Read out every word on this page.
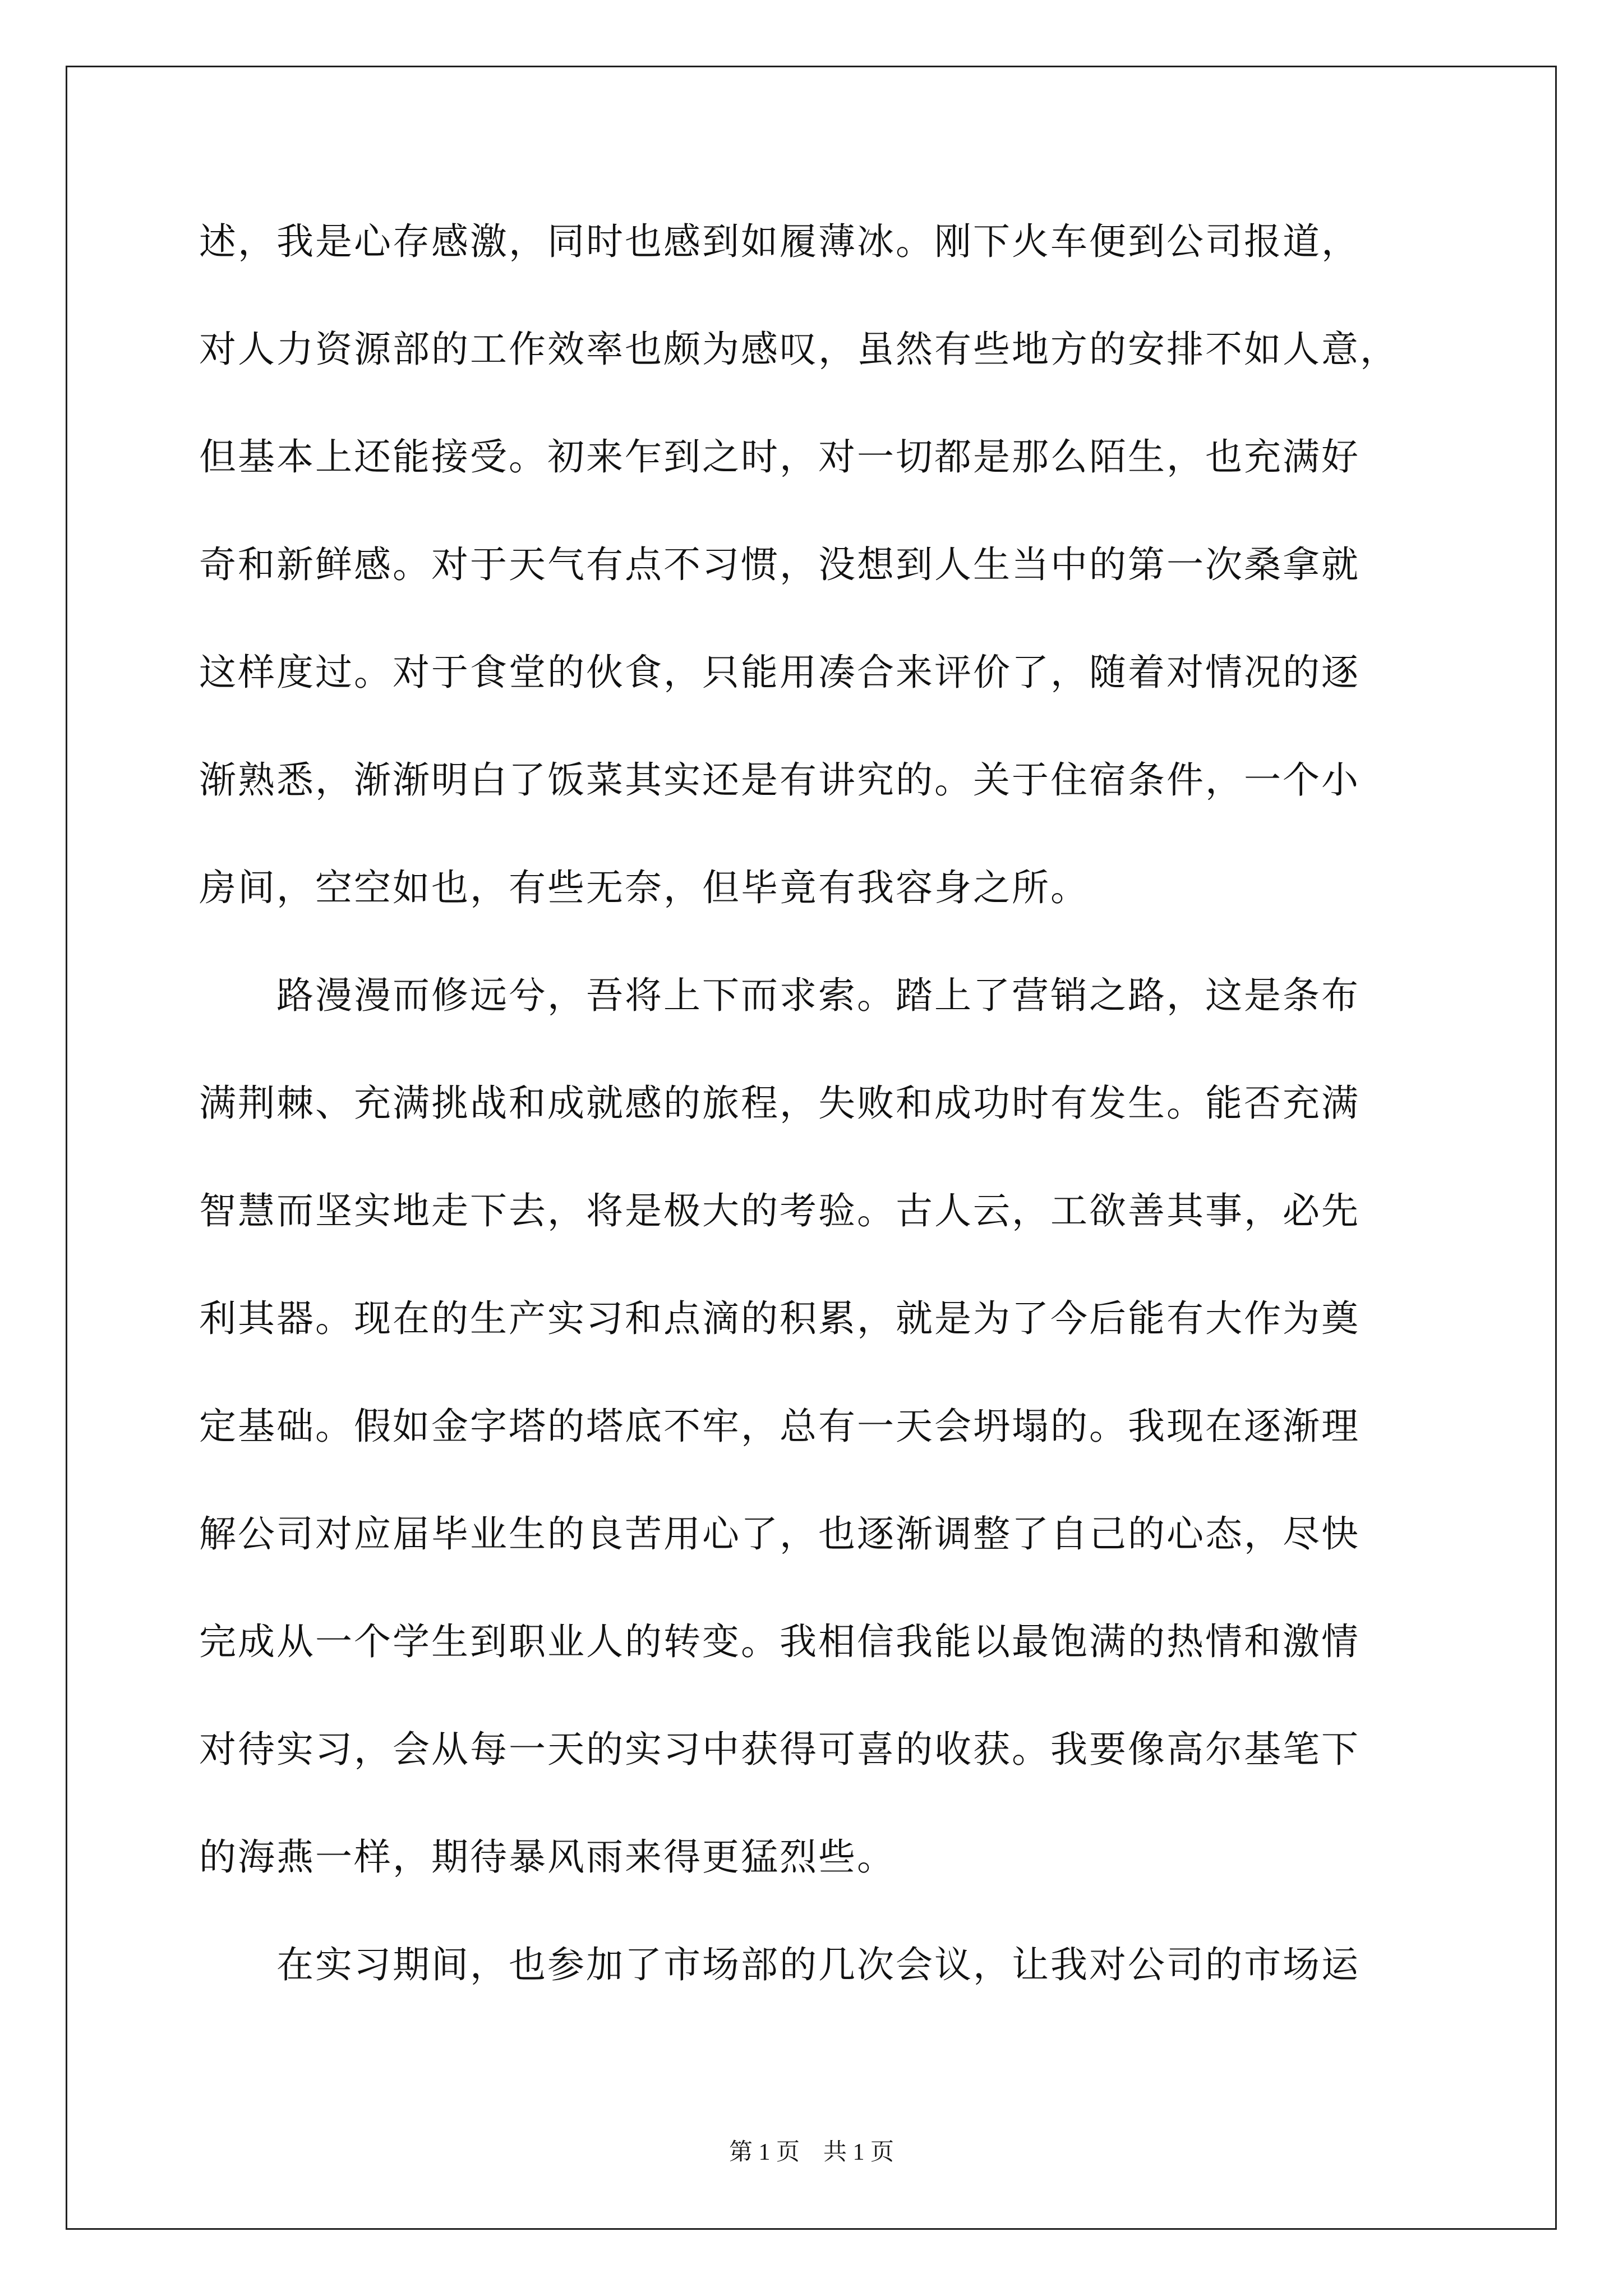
述，我是心存感激，同时也感到如履薄冰。刚下火车便到公司报道，
对人力资源部的工作效率也颇为感叹，虽然有些地方的安排不如人意，
但基本上还能接受。初来乍到之时，对一切都是那么陌生，也充满好
奇和新鲜感。对于天气有点不习惯，没想到人生当中的第一次桑拿就
这样度过。对于食堂的伙食，只能用凑合来评价了，随着对情况的逐
渐熟悉，渐渐明白了饭菜其实还是有讲究的。关于住宿条件，一个小
房间，空空如也，有些无奈，但毕竟有我容身之所。
　　路漫漫而修远兮，吾将上下而求索。踏上了营销之路，这是条布
满荆棘、充满挑战和成就感的旅程，失败和成功时有发生。能否充满
智慧而坚实地走下去，将是极大的考验。古人云，工欲善其事，必先
利其器。现在的生产实习和点滴的积累，就是为了今后能有大作为奠
定基础。假如金字塔的塔底不牢，总有一天会坍塌的。我现在逐渐理
解公司对应届毕业生的良苦用心了，也逐渐调整了自己的心态，尽快
完成从一个学生到职业人的转变。我相信我能以最饱满的热情和激情
对待实习，会从每一天的实习中获得可喜的收获。我要像高尔基笔下
的海燕一样，期待暴风雨来得更猛烈些。
　　在实习期间，也参加了市场部的几次会议，让我对公司的市场运
第 1 页　共 1 页
